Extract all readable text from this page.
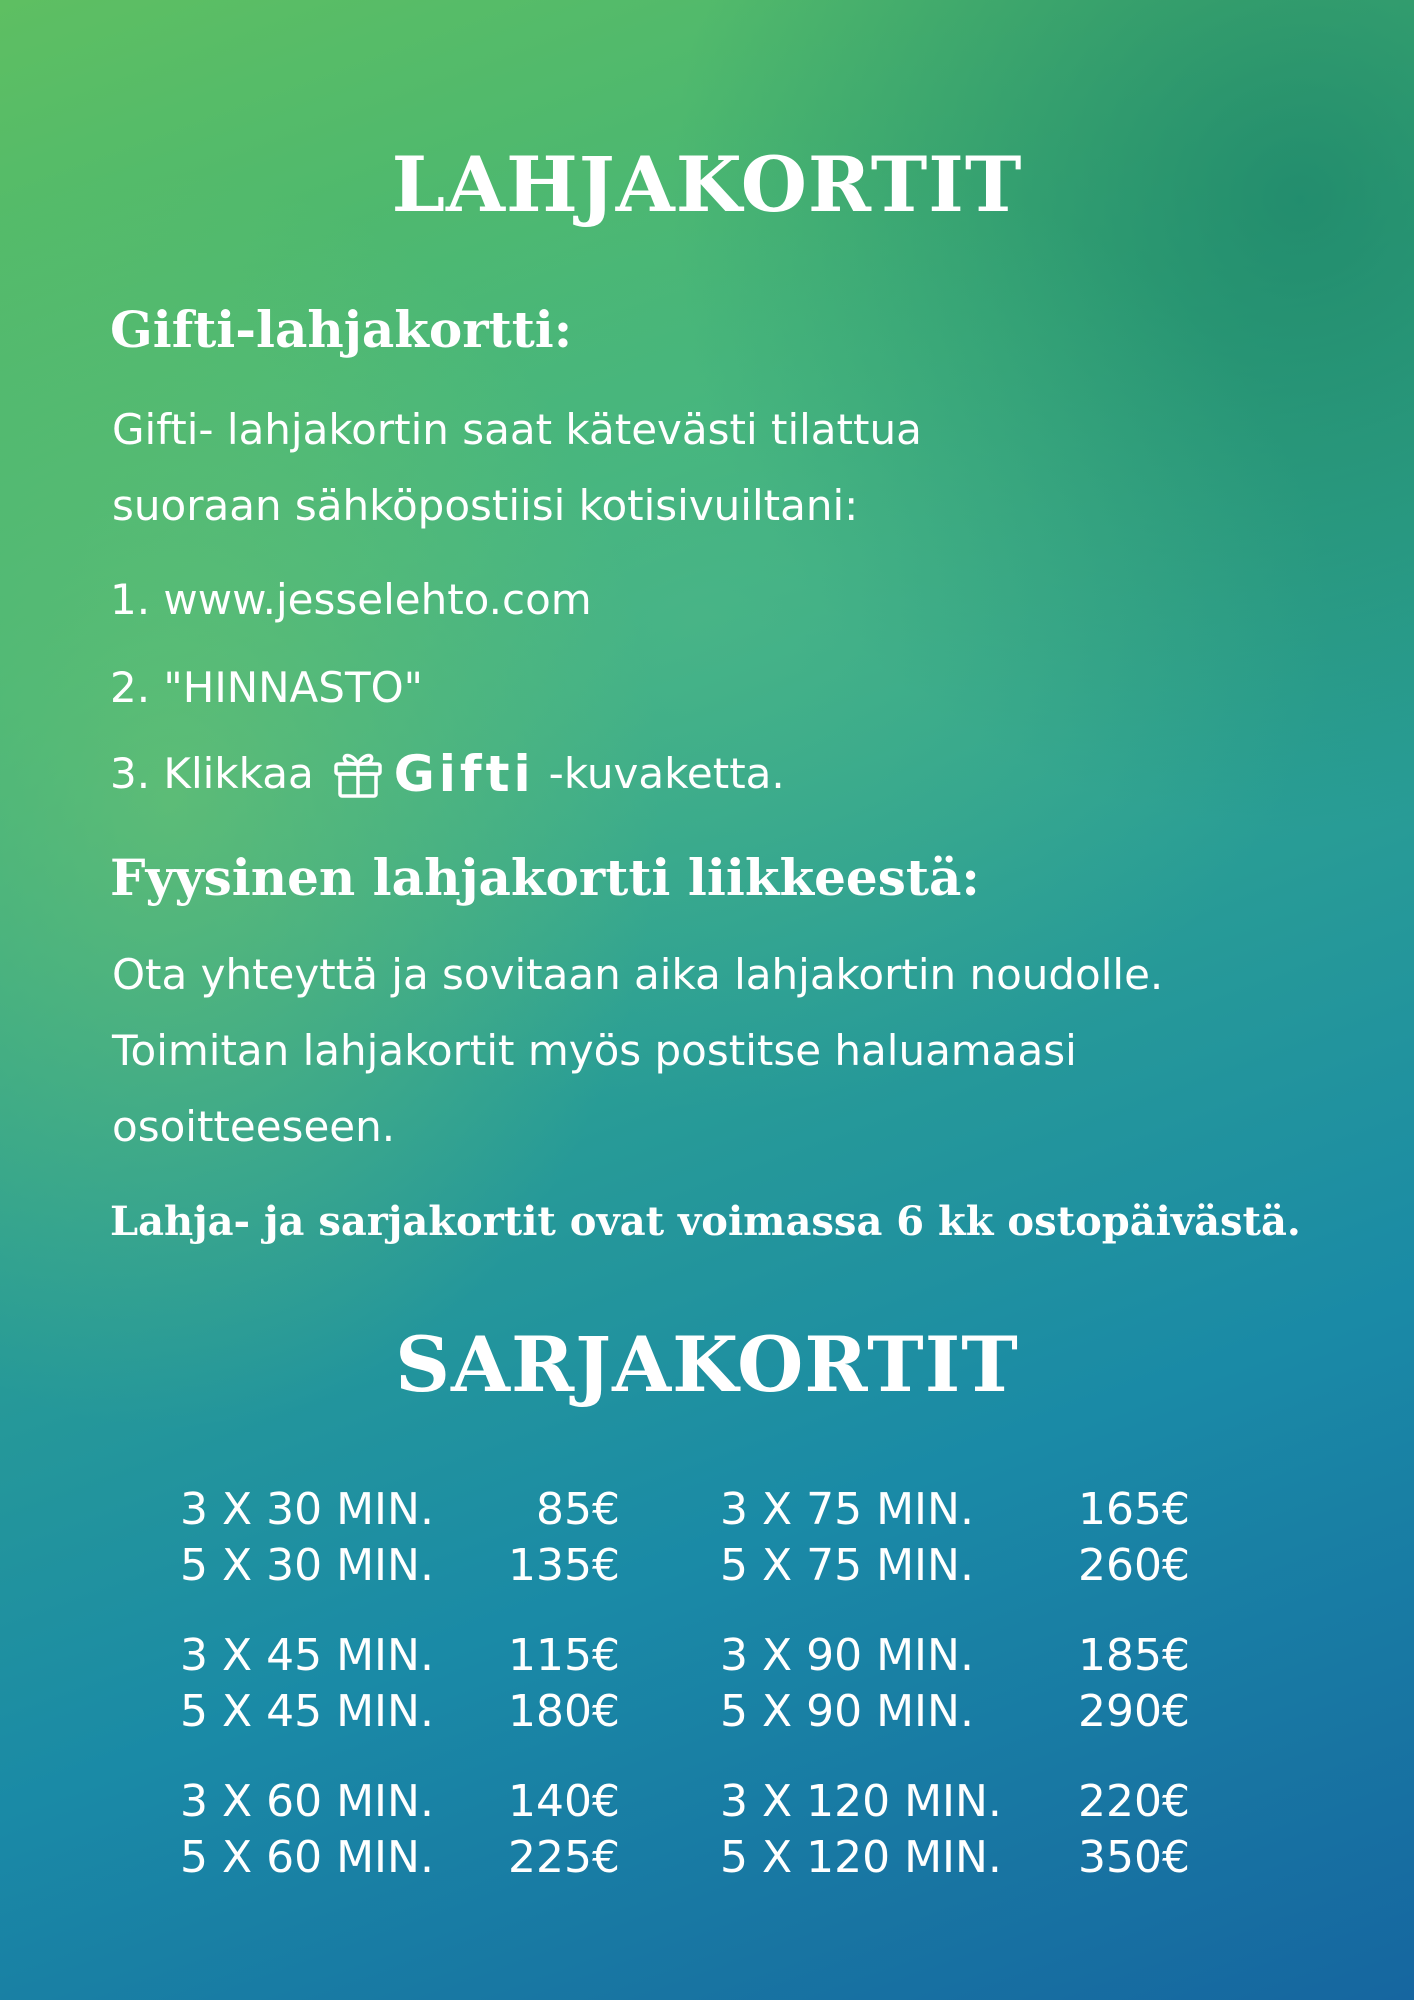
LAHJAKORTIT
Gifti-lahjakortti:

Gifti- lahjakortin saat kätevästi tilattua
suoraan sähköpostiisi kotisivuiltani:

1. www.jesselehto.com
2. "HINNASTO"
3. Klikkaa Gifti -kuvaketta.
Fyysinen lahjakortti liikkeestä:

Ota yhteyttä ja sovitaan aika lahjakortin noudolle.
Toimitan lahjakortit myös postitse haluamaasi
osoitteeseen.

Lahja- ja sarjakortit ovat voimassa 6 kk ostopäivästä.

SARJAKORTIT
3 X 30 MIN.	85€ 3 X 75 MIN.	165€
5 X 30 MIN.	135€ 5 X 75 MIN.	260€
3 X 45 MIN.	115€ 3 X 90 MIN.	185€
5 X 45 MIN.	180€ 5 X 90 MIN.	290€
3 X 60 MIN.	140€ 3 X 120 MIN.	220€
5 X 60 MIN.	225€ 5 X 120 MIN.	350€
